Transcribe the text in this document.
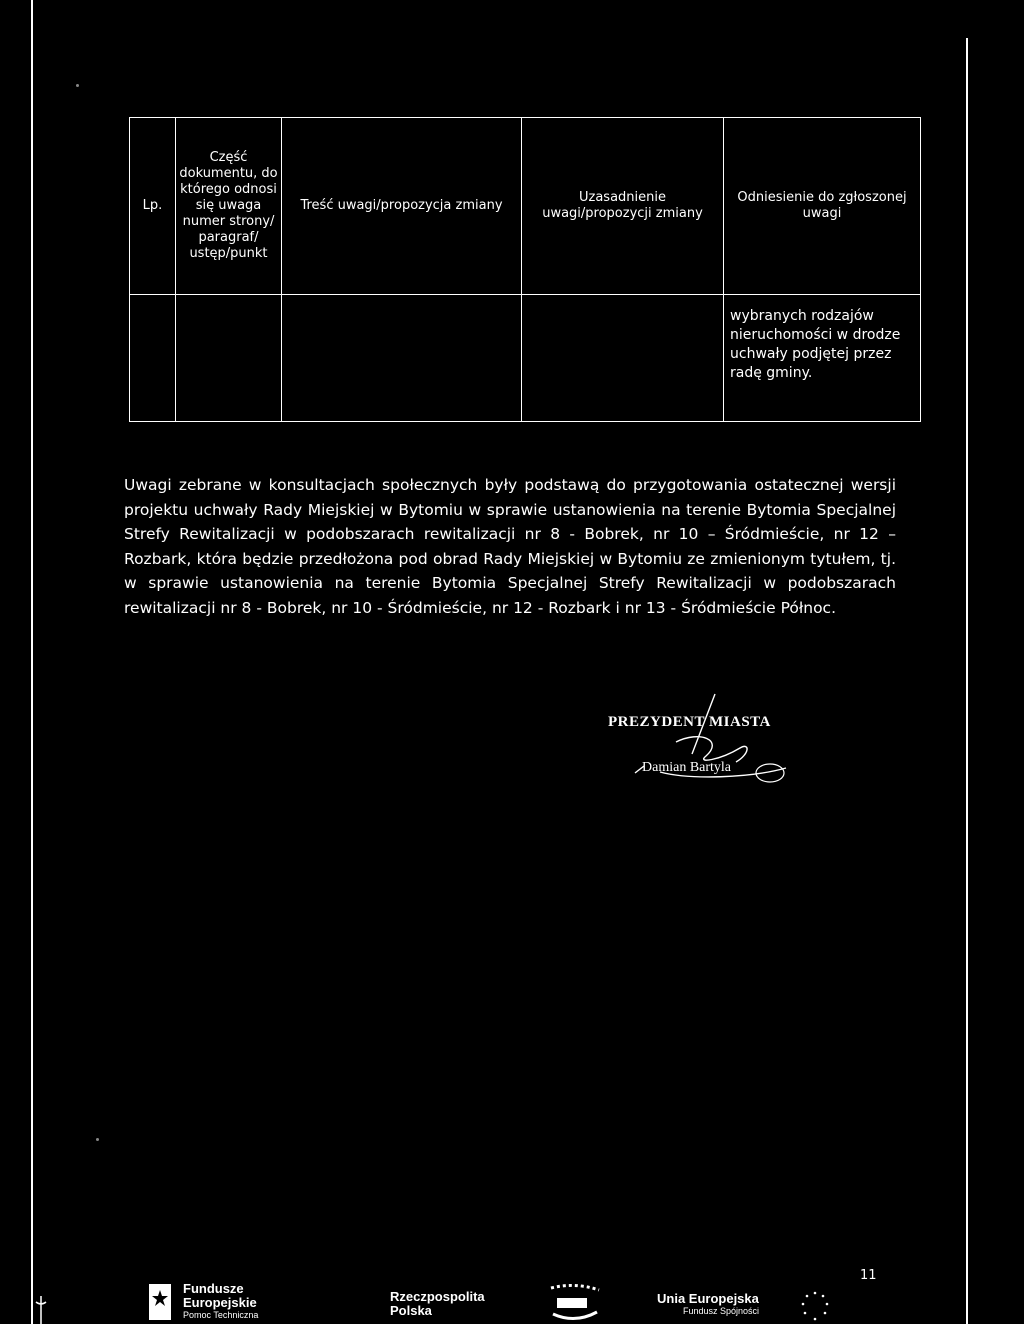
Lp.	Część dokumentu, do którego odnosi się uwaga numer strony/ paragraf/ ustęp/punkt	Treść uwagi/propozycja zmiany	Uzasadnienie uwagi/propozycji zmiany	Odniesienie do zgłoszonej uwagi
				wybranych rodzajów nieruchomości w drodze uchwały podjętej przez radę gminy.
Uwagi zebrane w konsultacjach społecznych były podstawą do przygotowania ostatecznej wersji projektu uchwały Rady Miejskiej w Bytomiu w sprawie ustanowienia na terenie Bytomia Specjalnej Strefy Rewitalizacji w podobszarach rewitalizacji nr 8 - Bobrek, nr 10 – Śródmieście, nr 12 – Rozbark, która będzie przedłożona pod obrad Rady Miejskiej w Bytomiu ze zmienionym tytułem, tj. w sprawie ustanowienia na terenie Bytomia Specjalnej Strefy Rewitalizacji w podobszarach rewitalizacji nr 8 - Bobrek, nr 10 - Śródmieście, nr 12 - Rozbark i nr 13 - Śródmieście Północ.
PREZYDENT MIASTA
Damian Bartyla
11
Fundusze
Europejskie
Pomoc Techniczna
Rzeczpospolita
Polska
Unia Europejska
Fundusz Spójności
